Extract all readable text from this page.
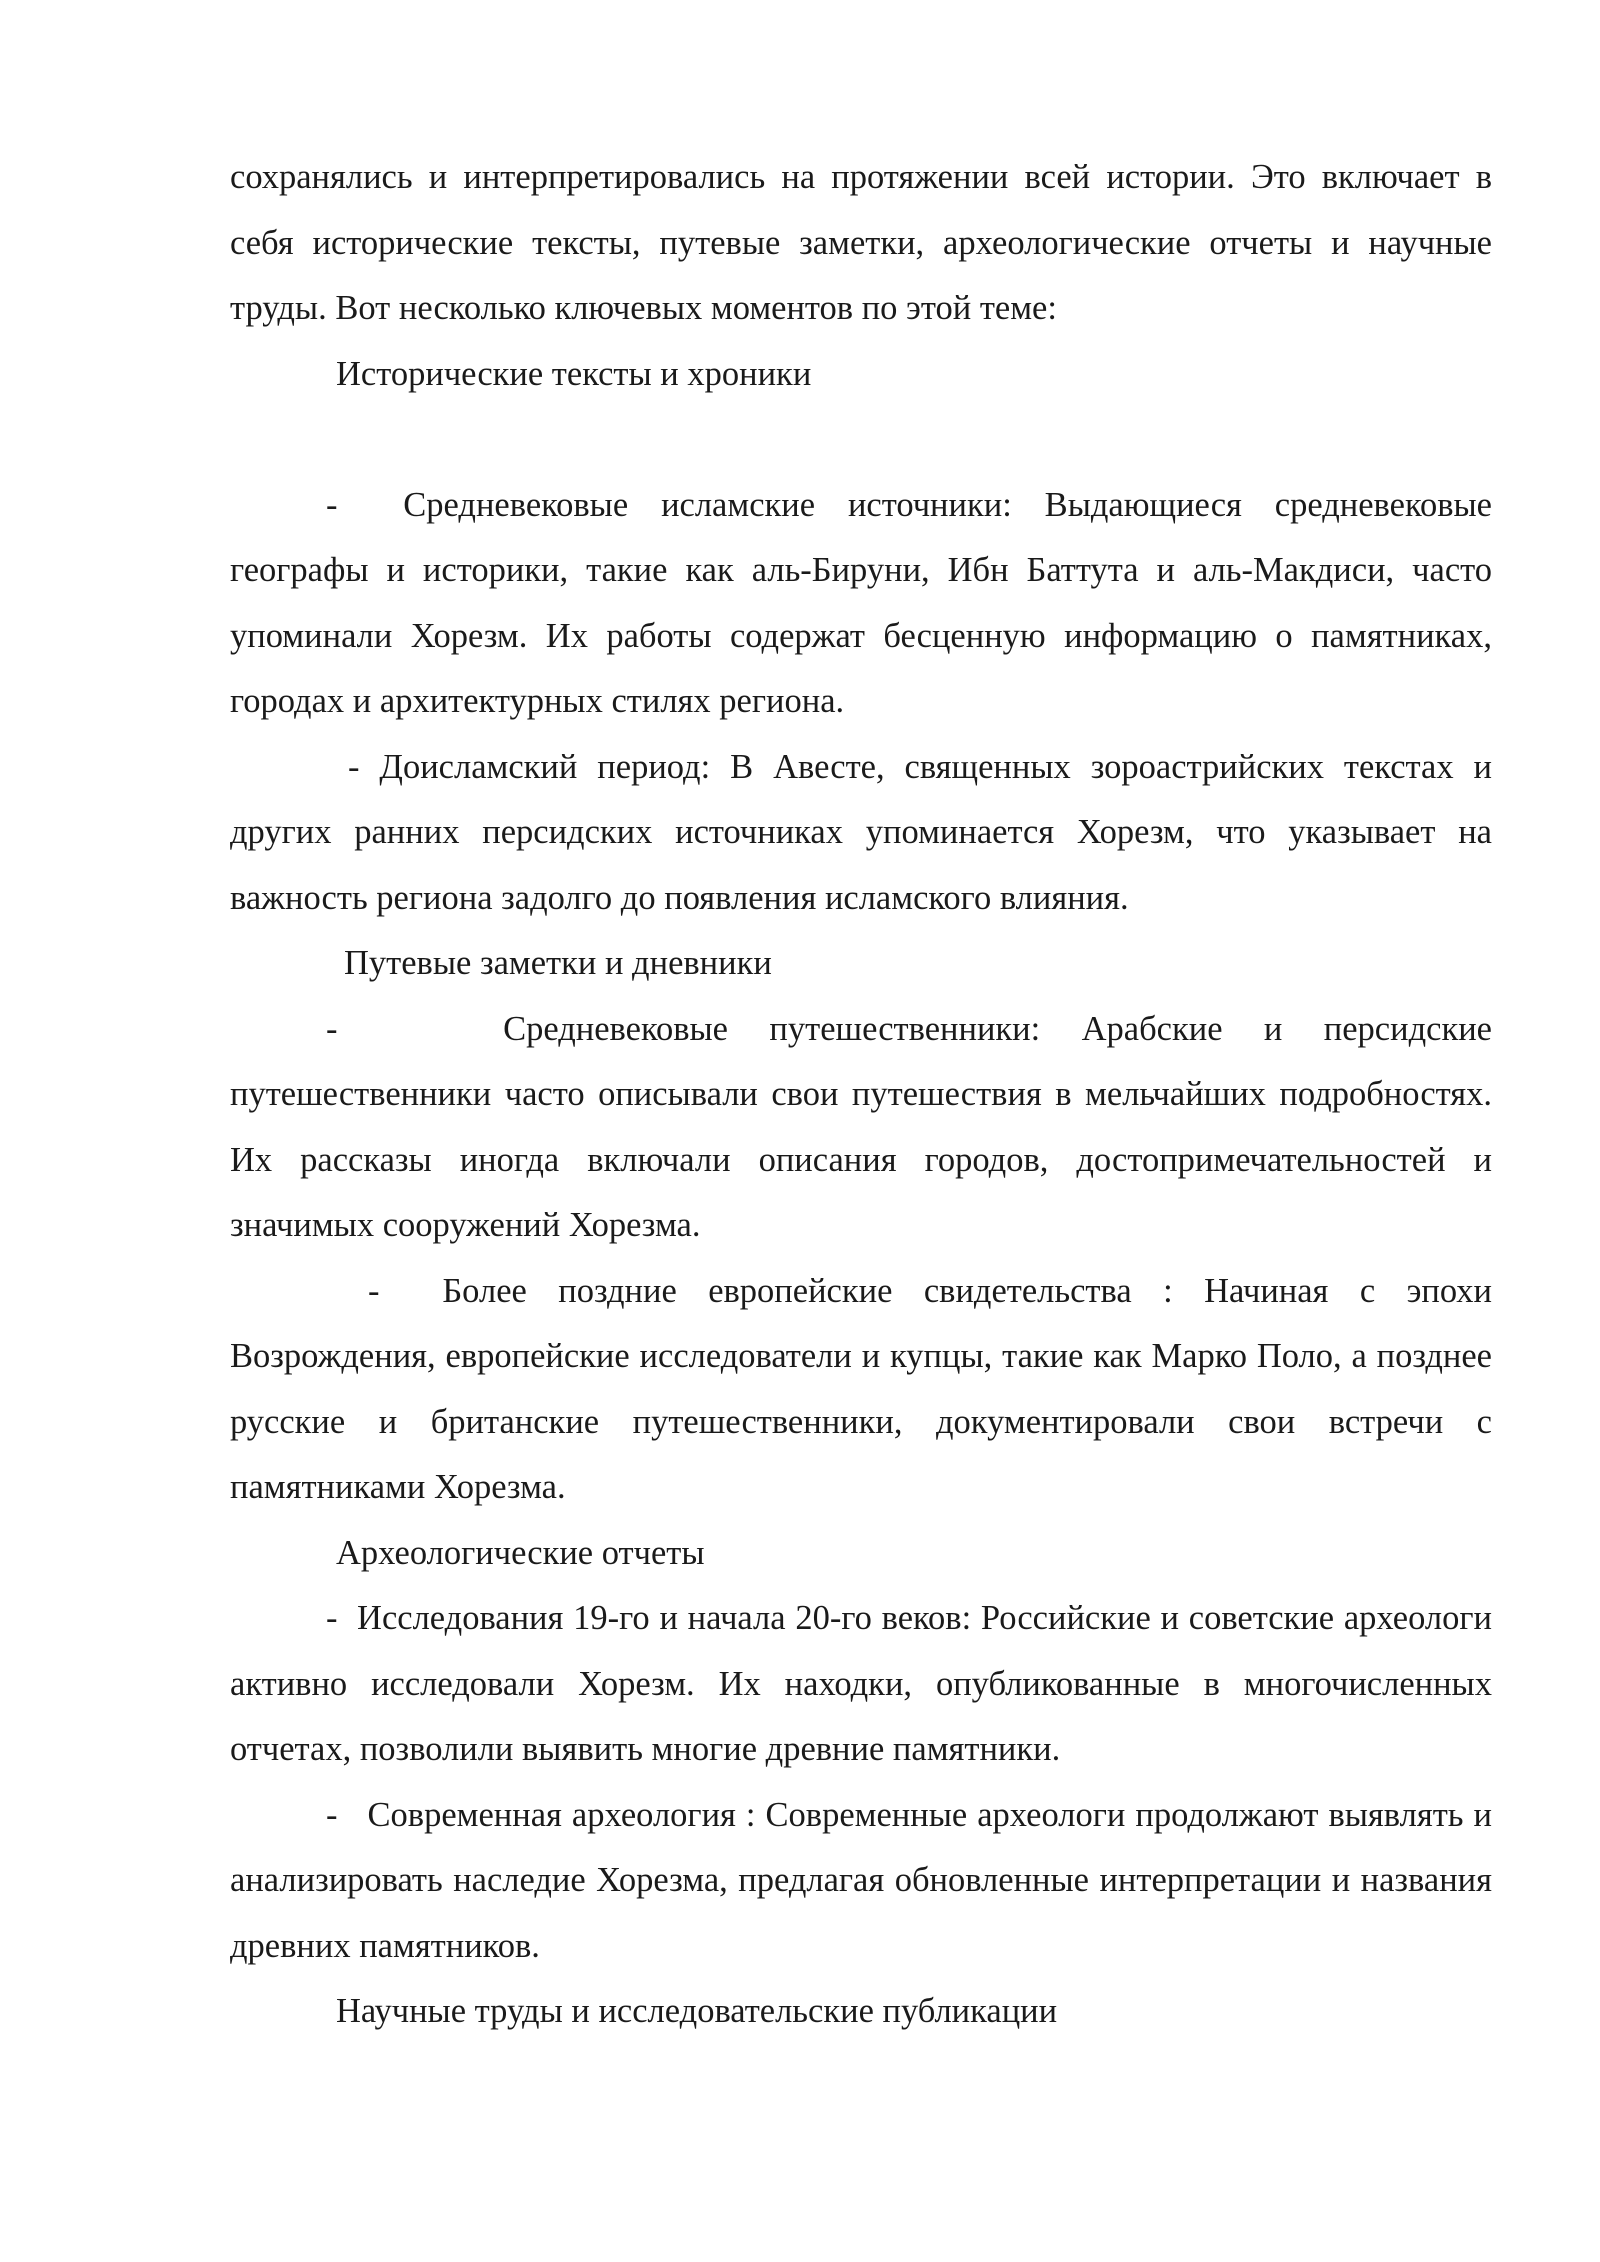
сохранялись и интерпретировались на протяжении всей истории. Это включает в себя исторические тексты, путевые заметки, археологические отчеты и научные труды. Вот несколько ключевых моментов по этой теме:

Исторические тексты и хроники

-  Средневековые исламские источники: Выдающиеся средневековые географы и историки, такие как аль-Бируни, Ибн Баттута и аль-Макдиси, часто упоминали Хорезм. Их работы содержат бесценную информацию о памятниках, городах и архитектурных стилях региона.

- Доисламский период: В Авесте, священных зороастрийских текстах и других ранних персидских источниках упоминается Хорезм, что указывает на важность региона задолго до появления исламского влияния.

Путевые заметки и дневники

-    Средневековые путешественники: Арабские и персидские путешественники часто описывали свои путешествия в мельчайших подробностях. Их рассказы иногда включали описания городов, достопримечательностей и значимых сооружений Хорезма.

-  Более поздние европейские свидетельства : Начиная с эпохи Возрождения, европейские исследователи и купцы, такие как Марко Поло, а позднее русские и британские путешественники, документировали свои встречи с памятниками Хорезма.

Археологические отчеты

-  Исследования 19-го и начала 20-го веков: Российские и советские археологи активно исследовали Хорезм. Их находки, опубликованные в многочисленных отчетах, позволили выявить многие древние памятники.

-   Современная археология : Современные археологи продолжают выявлять и анализировать наследие Хорезма, предлагая обновленные интерпретации и названия древних памятников.

Научные труды и исследовательские публикации
